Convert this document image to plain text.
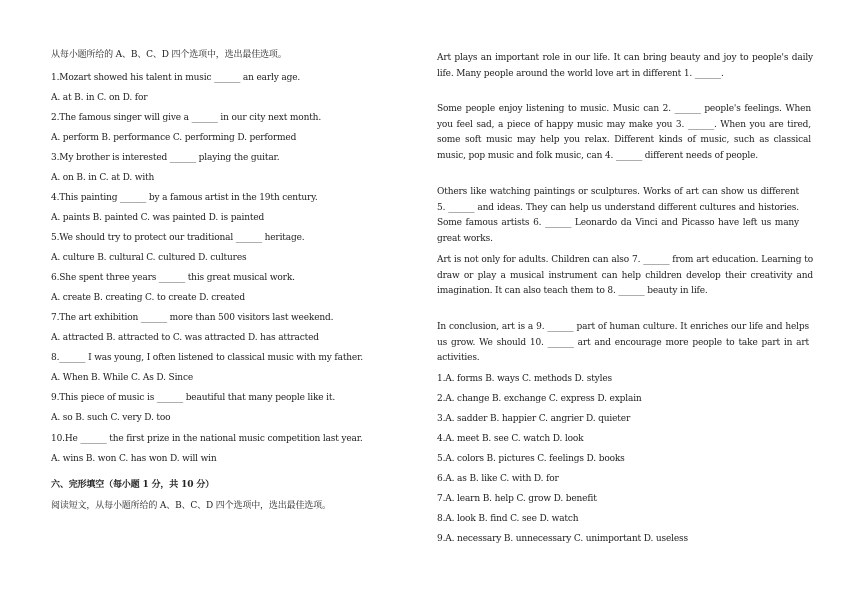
从每小题所给的 A、B、C、D 四个选项中，选出最佳选项。
1.Mozart showed his talent in music ______ an early age.
A. at B. in C. on D. for
2.The famous singer will give a ______ in our city next month.
A. perform B. performance C. performing D. performed
3.My brother is interested ______ playing the guitar.
A. on B. in C. at D. with
4.This painting ______ by a famous artist in the 19th century.
A. paints B. painted C. was painted D. is painted
5.We should try to protect our traditional ______ heritage.
A. culture B. cultural C. cultured D. cultures
6.She spent three years ______ this great musical work.
A. create B. creating C. to create D. created
7.The art exhibition ______ more than 500 visitors last weekend.
A. attracted B. attracted to C. was attracted D. has attracted
8.______ I was young, I often listened to classical music with my father.
A. When B. While C. As D. Since
9.This piece of music is ______ beautiful that many people like it.
A. so B. such C. very D. too
10.He ______ the first prize in the national music competition last year.
A. wins B. won C. has won D. will win
六、完形填空（每小题 1 分，共 10 分）
阅读短文，从每小题所给的 A、B、C、D 四个选项中，选出最佳选项。
Art plays an important role in our life. It can bring beauty and joy to people's daily life. Many people around the world love art in different 1. ______.
Some people enjoy listening to music. Music can 2. ______ people's feelings. When you feel sad, a piece of happy music may make you 3. ______. When you are tired, some soft music may help you relax. Different kinds of music, such as classical music, pop music and folk music, can 4. ______ different needs of people.
Others like watching paintings or sculptures. Works of art can show us different 5. ______ and ideas. They can help us understand different cultures and histories. Some famous artists 6. ______ Leonardo da Vinci and Picasso have left us many great works.
Art is not only for adults. Children can also 7. ______ from art education. Learning to draw or play a musical instrument can help children develop their creativity and imagination. It can also teach them to 8. ______ beauty in life.
In conclusion, art is a 9. ______ part of human culture. It enriches our life and helps us grow. We should 10. ______ art and encourage more people to take part in art activities.
1.A. forms B. ways C. methods D. styles
2.A. change B. exchange C. express D. explain
3.A. sadder B. happier C. angrier D. quieter
4.A. meet B. see C. watch D. look
5.A. colors B. pictures C. feelings D. books
6.A. as B. like C. with D. for
7.A. learn B. help C. grow D. benefit
8.A. look B. find C. see D. watch
9.A. necessary B. unnecessary C. unimportant D. useless
